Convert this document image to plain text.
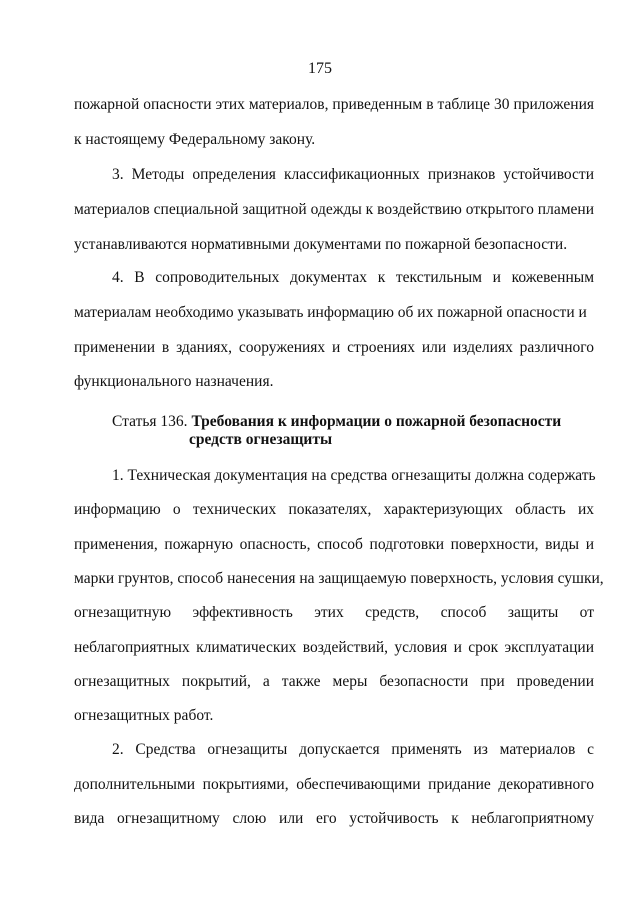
175
пожарной опасности этих материалов, приведенным в таблице 30 приложения
к настоящему Федеральному закону.
3. Методы определения классификационных признаков устойчивости
материалов специальной защитной одежды к воздействию открытого пламени
устанавливаются нормативными документами по пожарной безопасности.
4. В сопроводительных документах к текстильным и кожевенным
материалам необходимо указывать информацию об их пожарной опасности и
применении в зданиях, сооружениях и строениях или изделиях различного
функционального назначения.
Статья 136. Требования к информации о пожарной безопасности
средств огнезащиты
1. Техническая документация на средства огнезащиты должна содержать
информацию о технических показателях, характеризующих область их
применения, пожарную опасность, способ подготовки поверхности, виды и
марки грунтов, способ нанесения на защищаемую поверхность, условия сушки,
огнезащитную эффективность этих средств, способ защиты от
неблагоприятных климатических воздействий, условия и срок эксплуатации
огнезащитных покрытий, а также меры безопасности при проведении
огнезащитных работ.
2. Средства огнезащиты допускается применять из материалов с
дополнительными покрытиями, обеспечивающими придание декоративного
вида огнезащитному слою или его устойчивость к неблагоприятному
